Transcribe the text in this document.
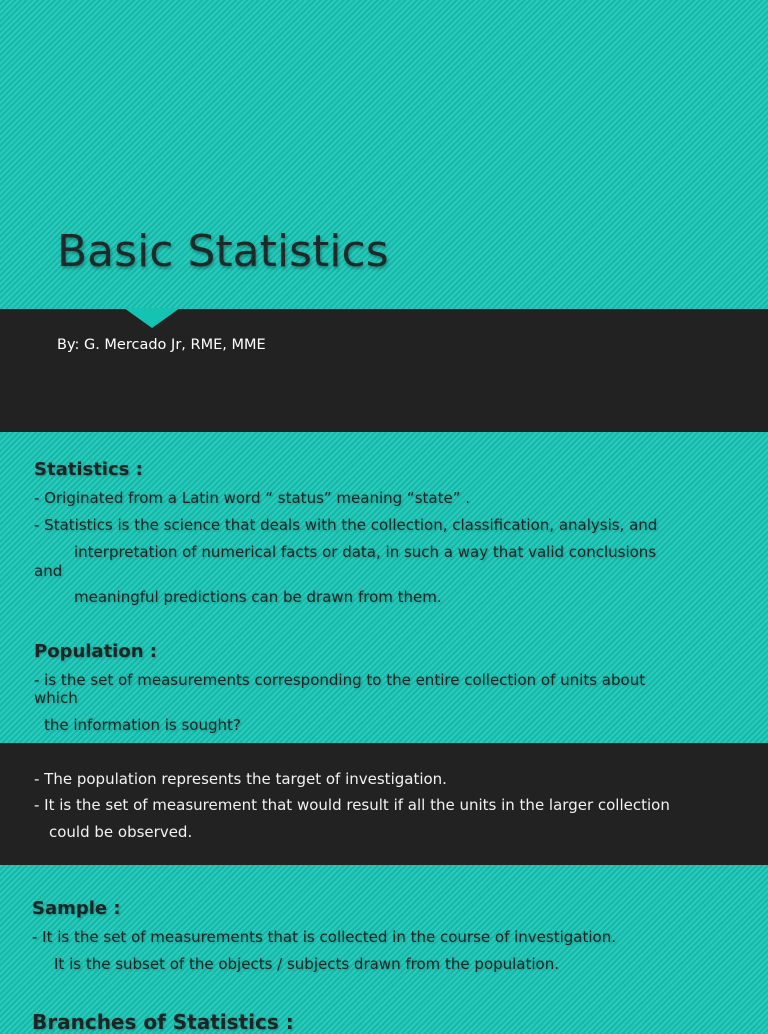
Basic Statistics
By: G. Mercado Jr, RME, MME
Statistics :
- Originated from a Latin word “ status” meaning “state” .
- Statistics is the science that deals with the collection, classification, analysis, and
interpretation of numerical facts or data, in such a way that valid conclusions
and
meaningful predictions can be drawn from them.
Population :
- is the set of measurements corresponding to the entire collection of units about
which
the information is sought?
- The population represents the target of investigation.
- It is the set of measurement that would result if all the units in the larger collection
could be observed.
Sample :
- It is the set of measurements that is collected in the course of investigation.
It is the subset of the objects / subjects drawn from the population.
Branches of Statistics :
